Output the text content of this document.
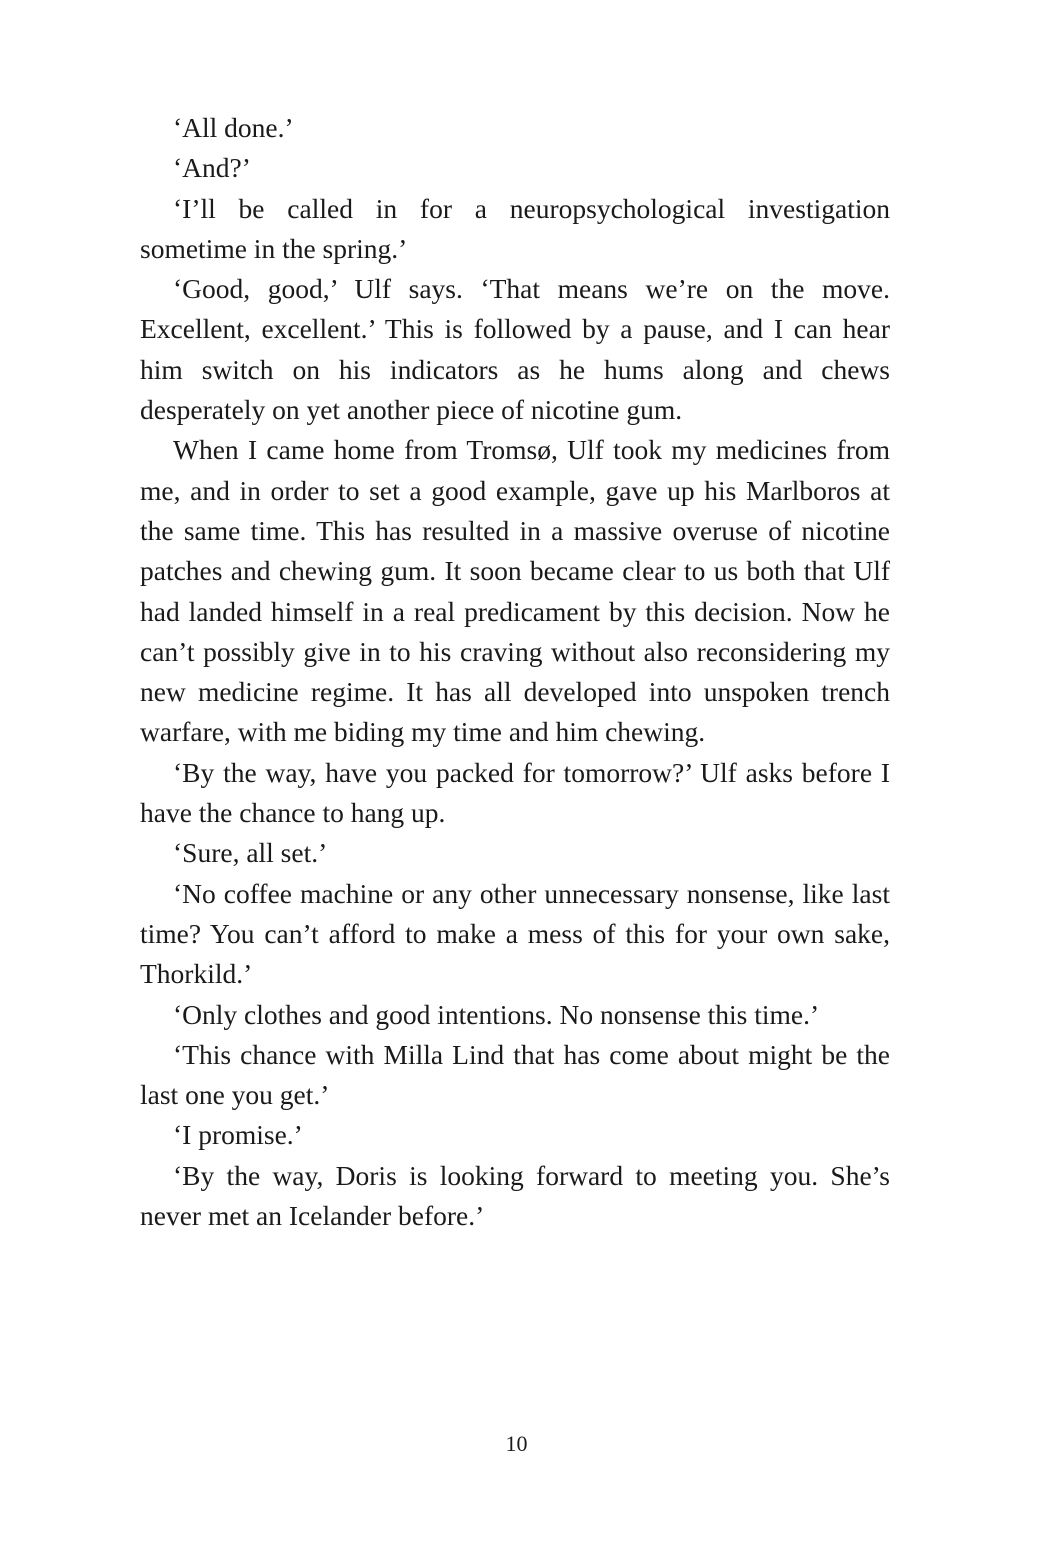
‘All done.’

‘And?’

‘I’ll be called in for a neuropsychological investigation sometime in the spring.’

‘Good, good,’ Ulf says. ‘That means we’re on the move. Excellent, excellent.’ This is followed by a pause, and I can hear him switch on his indicators as he hums along and chews desperately on yet another piece of nicotine gum.

When I came home from Tromsø, Ulf took my medicines from me, and in order to set a good example, gave up his Marlboros at the same time. This has resulted in a massive overuse of nicotine patches and chewing gum. It soon became clear to us both that Ulf had landed himself in a real predicament by this decision. Now he can’t possibly give in to his craving without also reconsidering my new medicine regime. It has all developed into unspoken trench warfare, with me biding my time and him chewing.

‘By the way, have you packed for tomorrow?’ Ulf asks before I have the chance to hang up.

‘Sure, all set.’

‘No coffee machine or any other unnecessary nonsense, like last time? You can’t afford to make a mess of this for your own sake, Thorkild.’

‘Only clothes and good intentions. No nonsense this time.’

‘This chance with Milla Lind that has come about might be the last one you get.’

‘I promise.’

‘By the way, Doris is looking forward to meeting you. She’s never met an Icelander before.’

10
